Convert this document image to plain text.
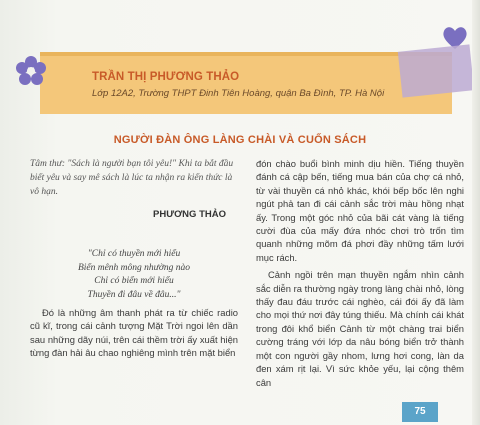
TRẦN THỊ PHƯƠNG THẢO
Lớp 12A2, Trường THPT Đinh Tiên Hoàng, quận Ba Đình, TP. Hà Nội
NGƯỜI ĐÀN ÔNG LÀNG CHÀI VÀ CUỐN SÁCH
Tâm thư: "Sách là người bạn tôi yêu!" Khi ta bắt đầu biết yêu và say mê sách là lúc ta nhận ra kiến thức là vô hạn.
PHƯƠNG THẢO
"Chỉ có thuyền mới hiểu
Biển mênh mông nhường nào
Chỉ có biển mới hiểu
Thuyền đi đâu về đâu..."

Đó là những âm thanh phát ra từ chiếc radio cũ kĩ, trong cái cảnh tượng Mặt Trời ngoi lên dần sau những dãy núi, trên cái thềm trời ấy xuất hiện từng đàn hải âu chao nghiêng mình trên mặt biển

đón chào buổi bình minh dịu hiền. Tiếng thuyền đánh cá cập bến, tiếng mua bán của chợ cá nhỏ, từ vài thuyền cá nhỏ khác, khói bếp bốc lên nghi ngút phả tan đi cái cảnh sắc trời màu hồng nhạt ấy. Trong một góc nhỏ của bãi cát vàng là tiếng cười đùa của mấy đứa nhóc chơi trò trốn tìm quanh những mõm đá phơi đầy những tấm lưới mục rách.

Cảnh ngồi trên mạn thuyền ngắm nhìn cảnh sắc diễn ra thường ngày trong làng chài nhỏ, lòng thấy đau đáu trước cái nghèo, cái đói ấy đã làm cho mọi thứ nơi đây túng thiếu. Mà chính cái khát trong đôi khổ biển Cảnh từ một chàng trai biển cường tráng với lớp da nâu bóng biển trở thành một con người gầy nhom, lưng hơi cong, làn da đen xám rịt lại. Vì sức khỏe yếu, lại cộng thêm cân

75
